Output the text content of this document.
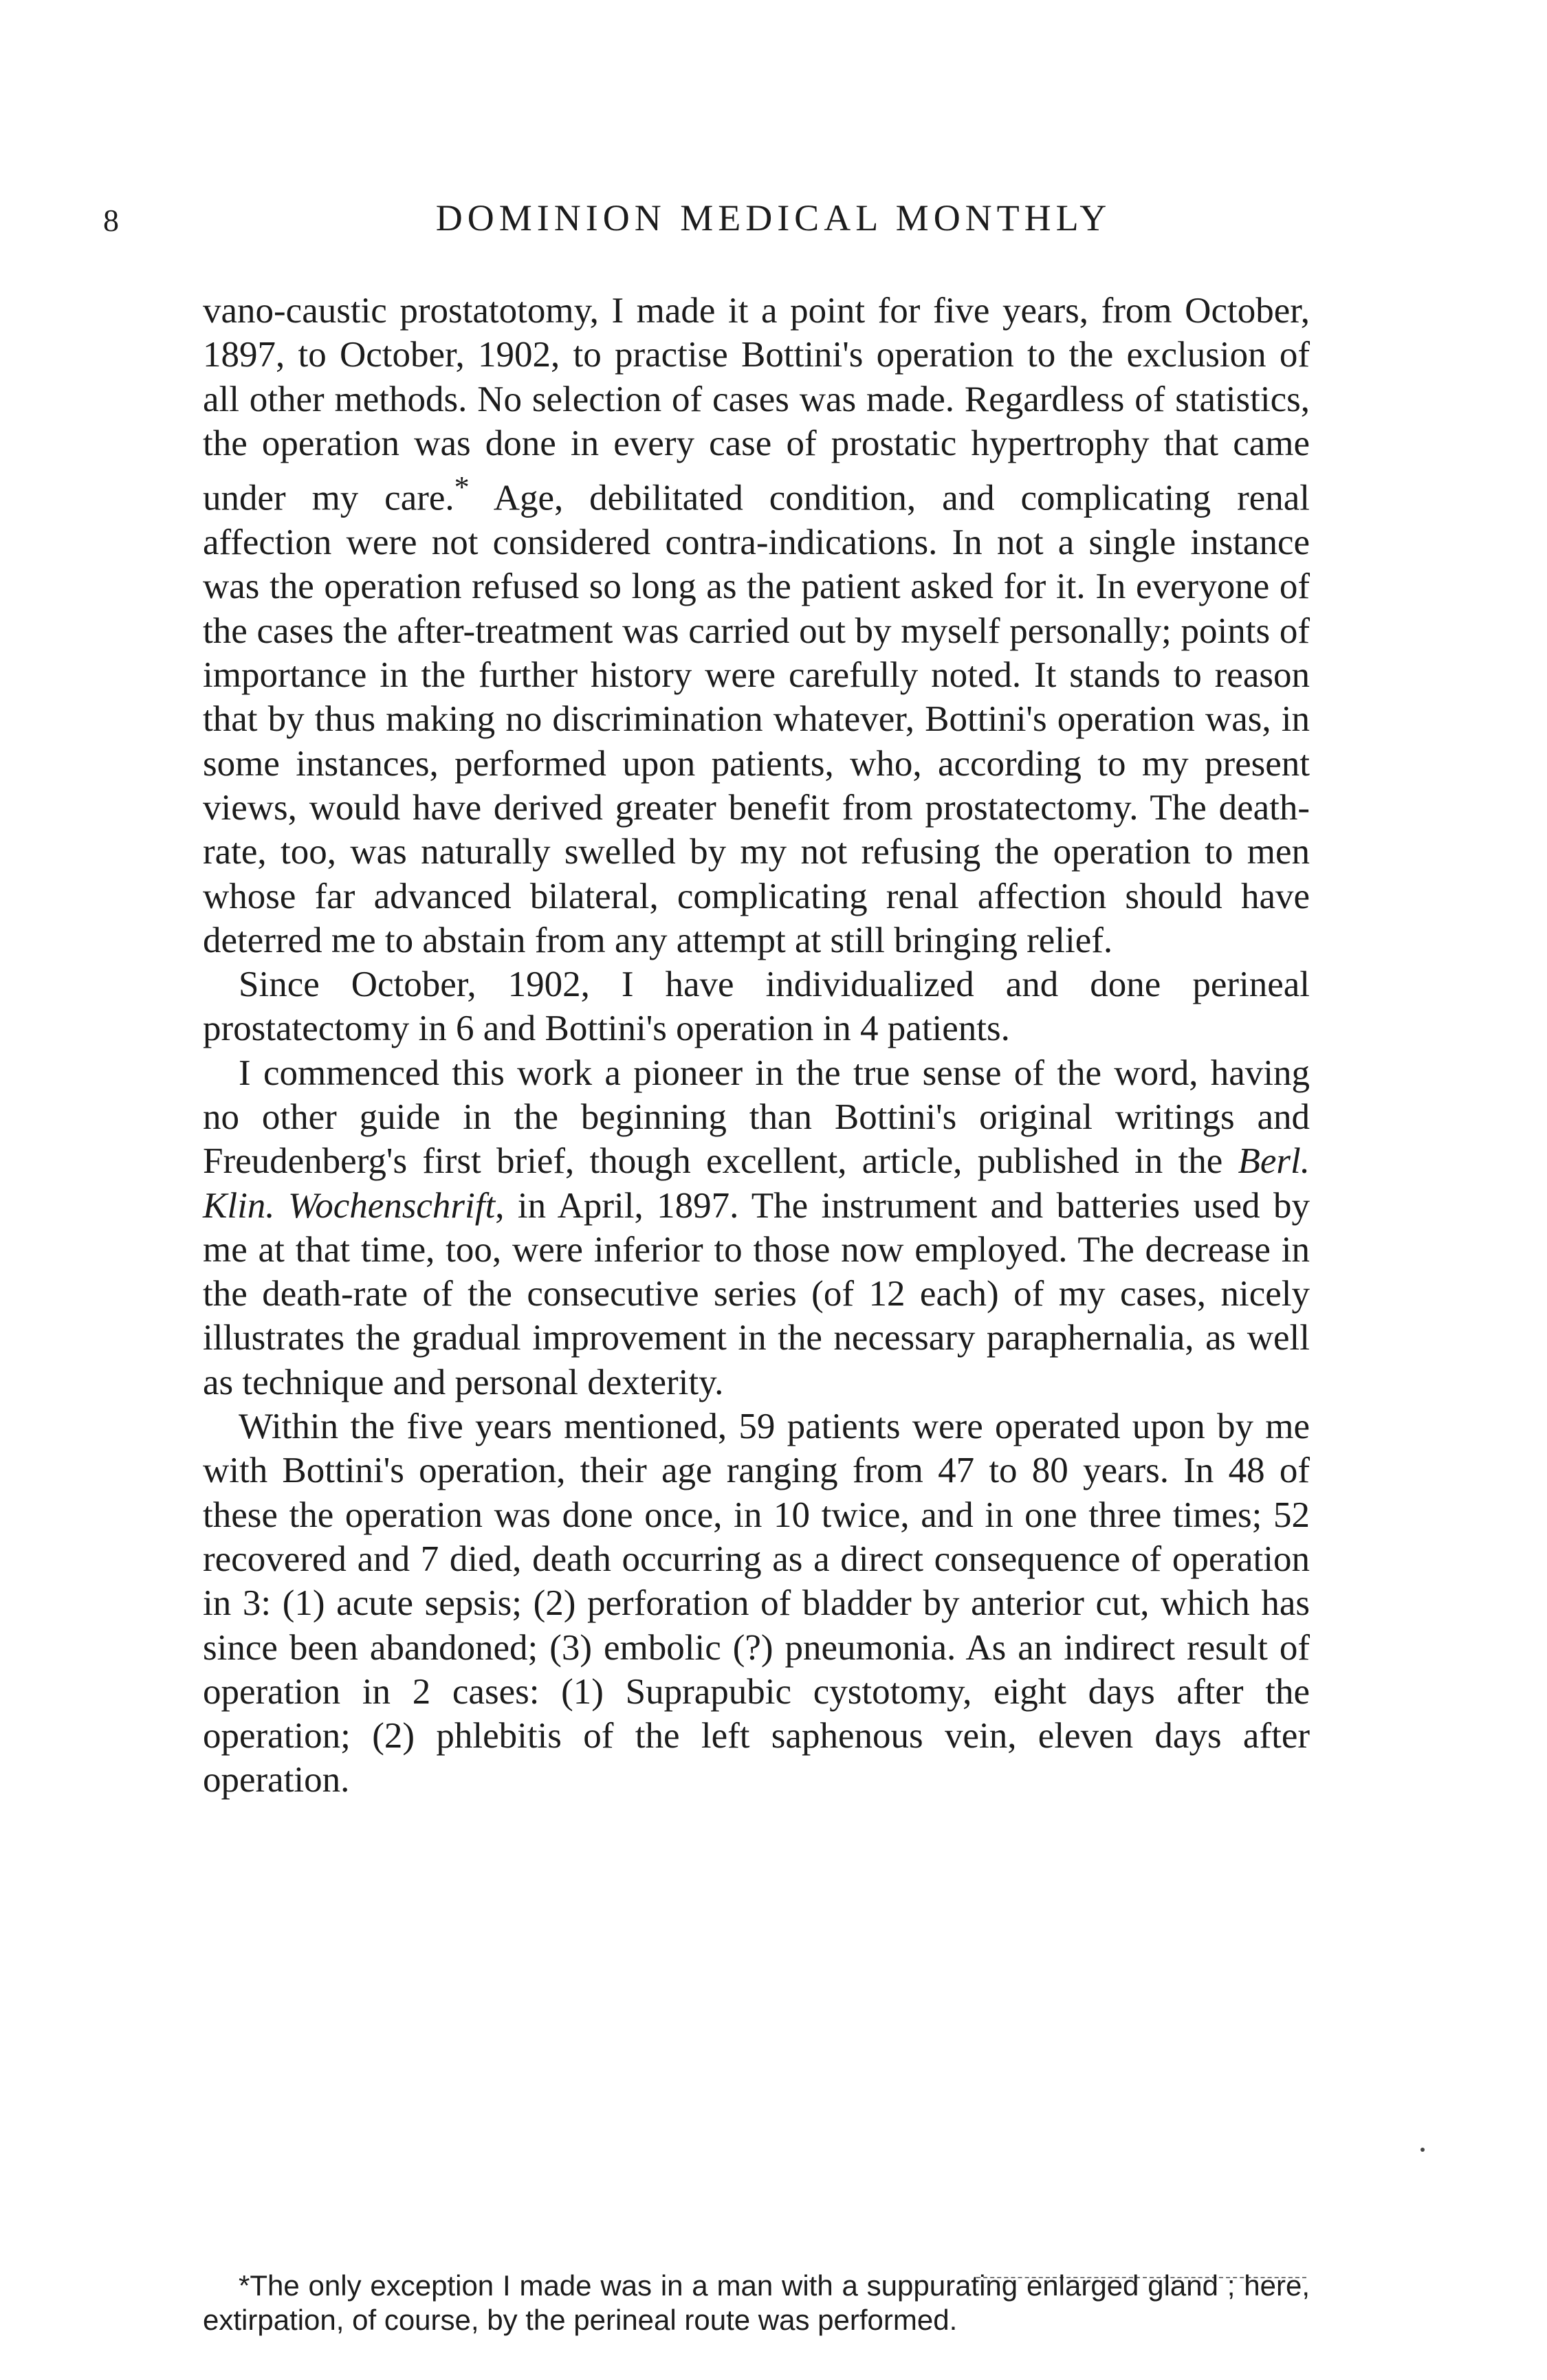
8	DOMINION MEDICAL MONTHLY

vano-caustic prostatotomy, I made it a point for five years, from October, 1897, to October, 1902, to practise Bottini's operation to the exclusion of all other methods. No selection of cases was made. Regardless of statistics, the operation was done in every case of prostatic hypertrophy that came under my care.* Age, debilitated condition, and complicating renal affection were not considered contra-indications. In not a single instance was the operation refused so long as the patient asked for it. In everyone of the cases the after-treatment was carried out by myself personally; points of importance in the further history were carefully noted. It stands to reason that by thus making no discrimination whatever, Bottini's operation was, in some instances, performed upon patients, who, according to my present views, would have derived greater benefit from prostatectomy. The death-rate, too, was naturally swelled by my not refusing the operation to men whose far advanced bilateral, complicating renal affection should have deterred me to abstain from any attempt at still bringing relief.

Since October, 1902, I have individualized and done perineal prostatectomy in 6 and Bottini's operation in 4 patients.

I commenced this work a pioneer in the true sense of the word, having no other guide in the beginning than Bottini's original writings and Freudenberg's first brief, though excellent, article, published in the Berl. Klin. Wochenschrift, in April, 1897. The instrument and batteries used by me at that time, too, were inferior to those now employed. The decrease in the death-rate of the consecutive series (of 12 each) of my cases, nicely illustrates the gradual improvement in the necessary paraphernalia, as well as technique and personal dexterity.

Within the five years mentioned, 59 patients were operated upon by me with Bottini's operation, their age ranging from 47 to 80 years. In 48 of these the operation was done once, in 10 twice, and in one three times; 52 recovered and 7 died, death occurring as a direct consequence of operation in 3: (1) acute sepsis; (2) perforation of bladder by anterior cut, which has since been abandoned; (3) embolic (?) pneumonia. As an indirect result of operation in 2 cases: (1) Suprapubic cystotomy, eight days after the operation; (2) phlebitis of the left saphenous vein, eleven days after operation.

*The only exception I made was in a man with a suppurating enlarged gland ; here, extirpation, of course, by the perineal route was performed.
